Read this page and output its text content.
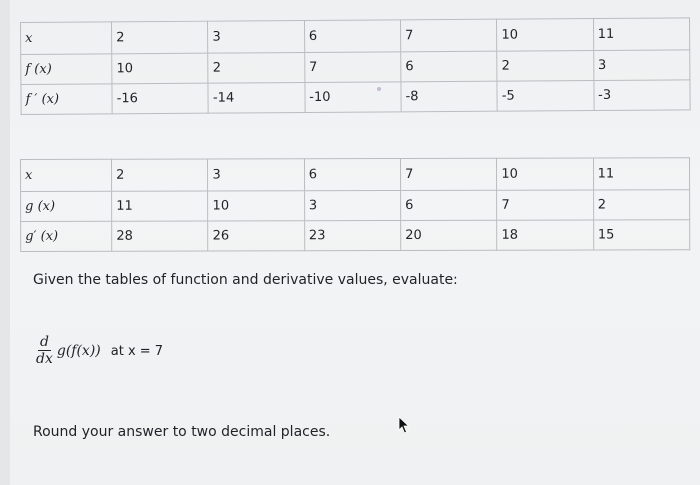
x	2	3	6	7	10	11
f (x)	10	2	7	6	2	3
f ′ (x)	-16	-14	-10	-8	-5	-3
x	2	3	6	7	10	11
g (x)	11	10	3	6	7	2
g′ (x)	28	26	23	20	18	15
Given the tables of function and derivative values, evaluate:
$\frac{d}{dx} g(f(x))$ at x = 7
Round your answer to two decimal places.
